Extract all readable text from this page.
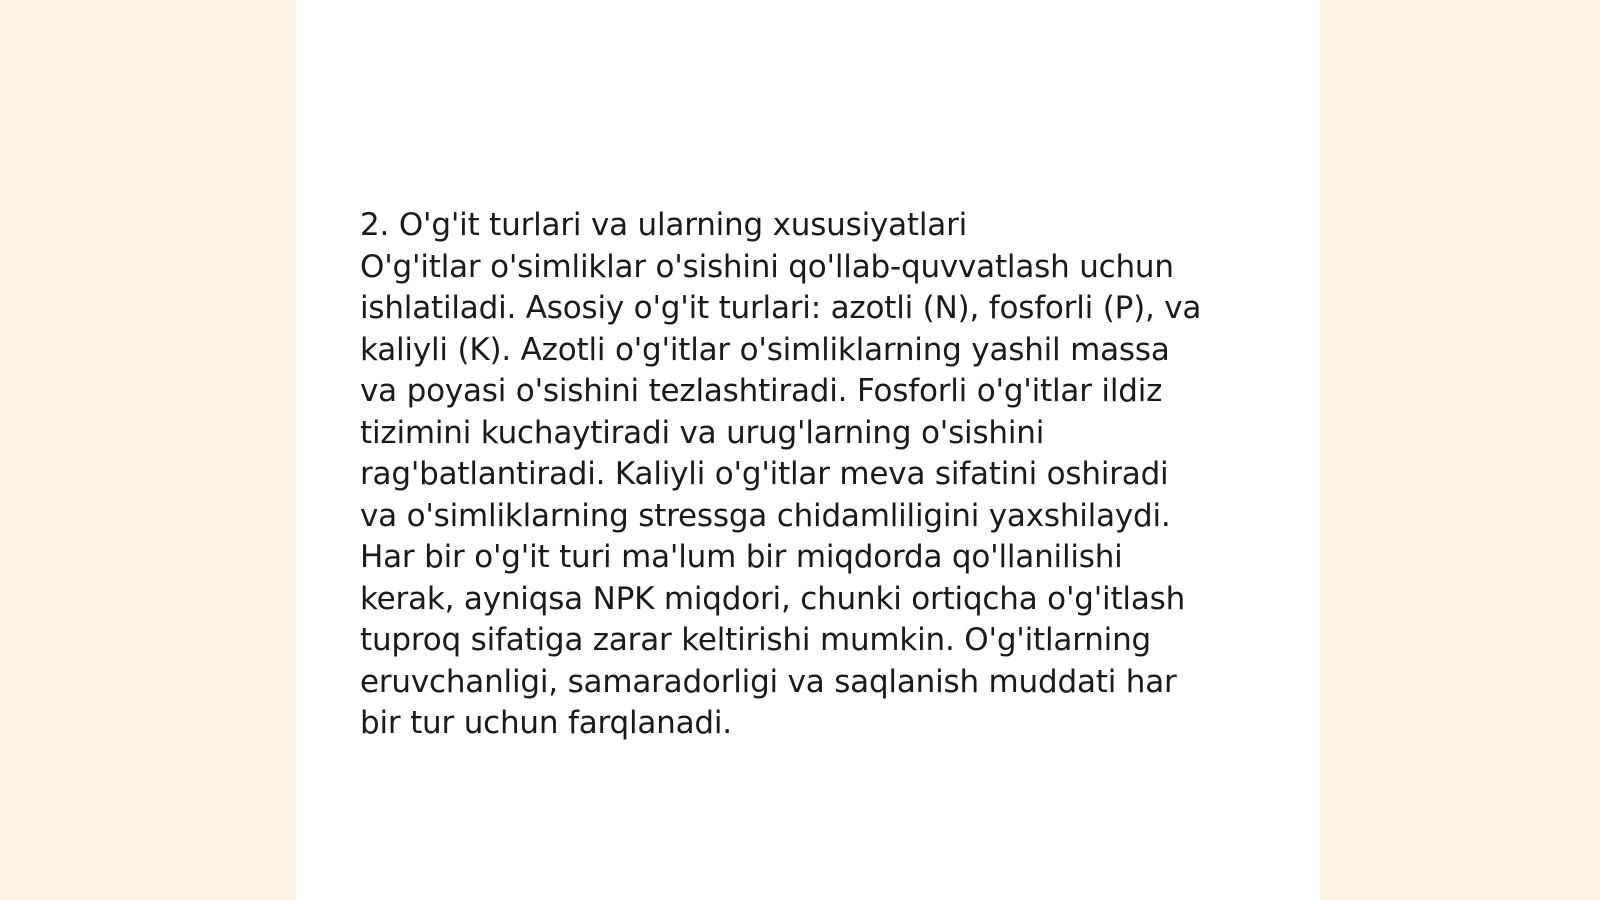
2. O'g'it turlari va ularning xususiyatlari
O'g'itlar o'simliklar o'sishini qo'llab-quvvatlash uchun
ishlatiladi. Asosiy o'g'it turlari: azotli (N), fosforli (P), va
kaliyli (K). Azotli o'g'itlar o'simliklarning yashil massa
va poyasi o'sishini tezlashtiradi. Fosforli o'g'itlar ildiz
tizimini kuchaytiradi va urug'larning o'sishini
rag'batlantiradi. Kaliyli o'g'itlar meva sifatini oshiradi
va o'simliklarning stressga chidamliligini yaxshilaydi.
Har bir o'g'it turi ma'lum bir miqdorda qo'llanilishi
kerak, ayniqsa NPK miqdori, chunki ortiqcha o'g'itlash
tuproq sifatiga zarar keltirishi mumkin. O'g'itlarning
eruvchanligi, samaradorligi va saqlanish muddati har
bir tur uchun farqlanadi.
